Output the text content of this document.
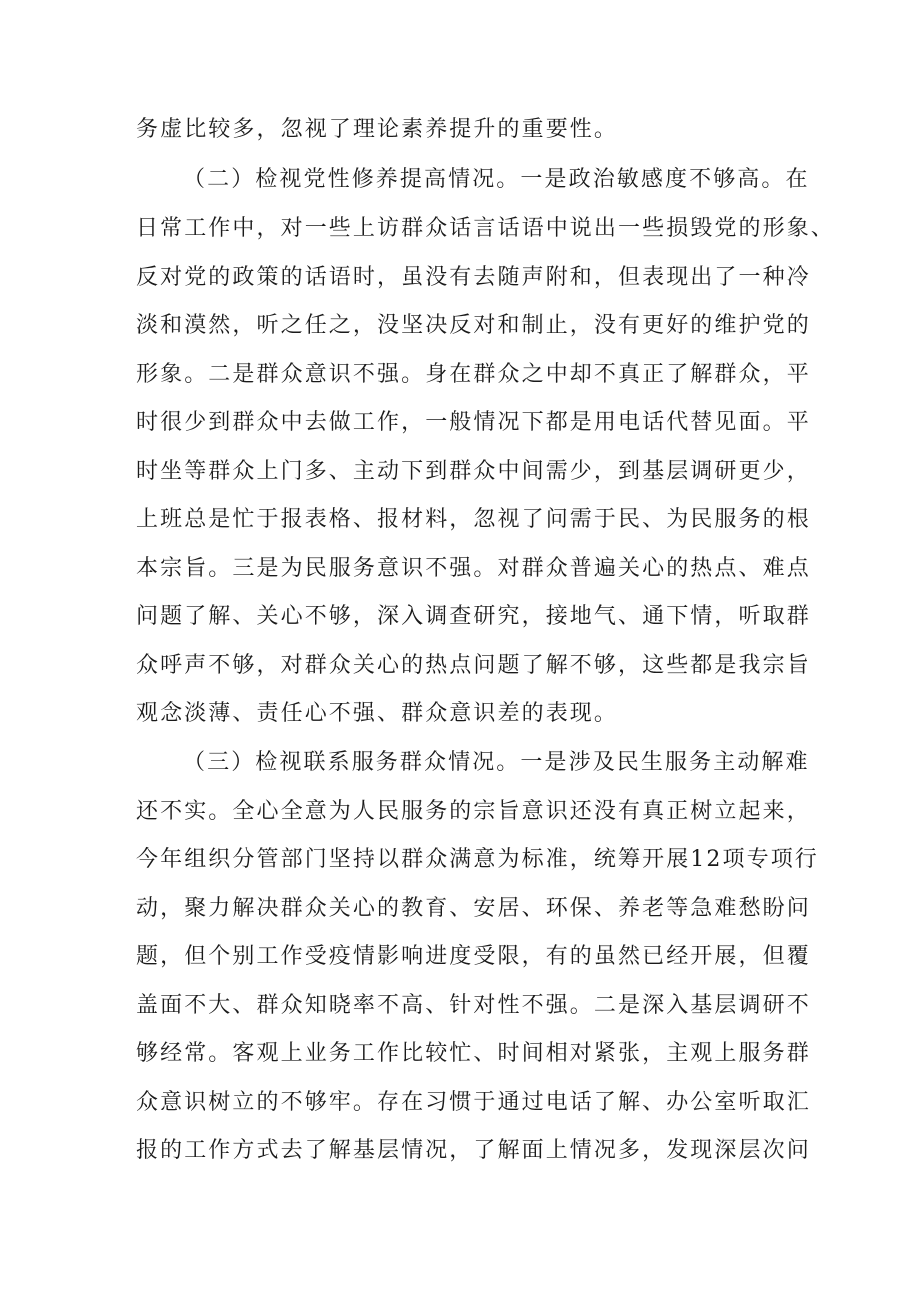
务虚比较多，忽视了理论素养提升的重要性。
（二）检视党性修养提高情况。一是政治敏感度不够高。在
日常工作中，对一些上访群众话言话语中说出一些损毁党的形象、
反对党的政策的话语时，虽没有去随声附和，但表现出了一种冷
淡和漠然，听之任之，没坚决反对和制止，没有更好的维护党的
形象。二是群众意识不强。身在群众之中却不真正了解群众，平
时很少到群众中去做工作，一般情况下都是用电话代替见面。平
时坐等群众上门多、主动下到群众中间需少，到基层调研更少，
上班总是忙于报表格、报材料，忽视了问需于民、为民服务的根
本宗旨。三是为民服务意识不强。对群众普遍关心的热点、难点
问题了解、关心不够，深入调查研究，接地气、通下情，听取群
众呼声不够，对群众关心的热点问题了解不够，这些都是我宗旨
观念淡薄、责任心不强、群众意识差的表现。
（三）检视联系服务群众情况。一是涉及民生服务主动解难
还不实。全心全意为人民服务的宗旨意识还没有真正树立起来，
今年组织分管部门坚持以群众满意为标准，统筹开展12项专项行
动，聚力解决群众关心的教育、安居、环保、养老等急难愁盼问
题，但个别工作受疫情影响进度受限，有的虽然已经开展，但覆
盖面不大、群众知晓率不高、针对性不强。二是深入基层调研不
够经常。客观上业务工作比较忙、时间相对紧张，主观上服务群
众意识树立的不够牢。存在习惯于通过电话了解、办公室听取汇
报的工作方式去了解基层情况，了解面上情况多，发现深层次问
